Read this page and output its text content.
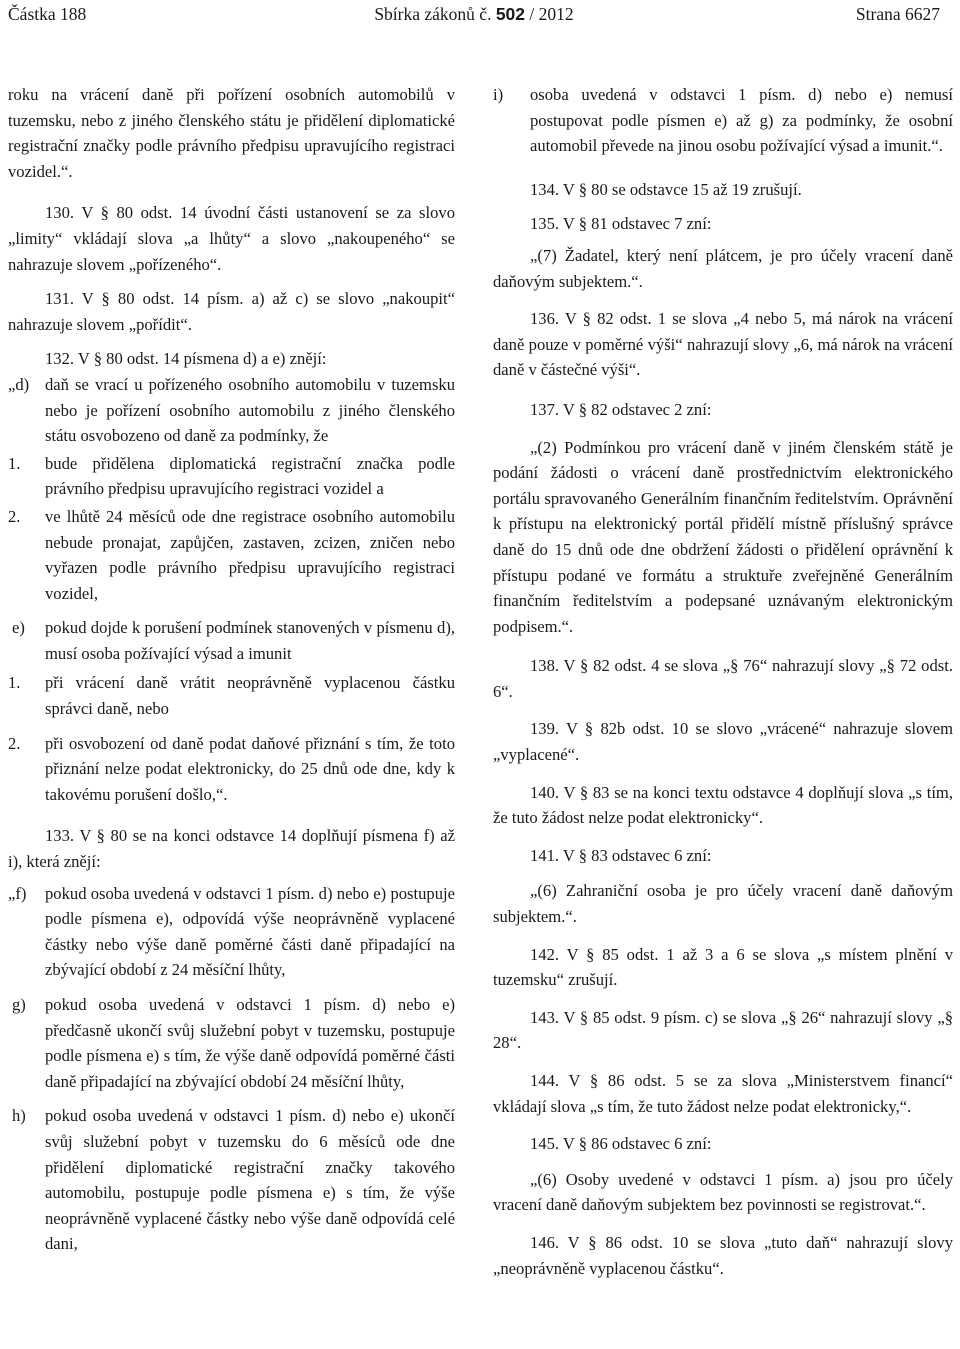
Částka 188	Sbírka zákonů č. 502 / 2012	Strana 6627

roku na vrácení daně při pořízení osobních automobilů v tuzemsku, nebo z jiného členského státu je přidělení diplomatické registrační značky podle právního předpisu upravujícího registraci vozidel.“.

130. V § 80 odst. 14 úvodní části ustanovení se za slovo „limity“ vkládají slova „a lhůty“ a slovo „nakoupeného“ se nahrazuje slovem „pořízeného“.

131. V § 80 odst. 14 písm. a) až c) se slovo „nakoupit“ nahrazuje slovem „pořídit“.

132. V § 80 odst. 14 písmena d) a e) znějí:

„d) daň se vrací u pořízeného osobního automobilu v tuzemsku nebo je pořízení osobního automobilu z jiného členského státu osvobozeno od daně za podmínky, že

1.	bude přidělena diplomatická registrační značka podle právního předpisu upravujícího registraci vozidel a

2.	ve lhůtě 24 měsíců ode dne registrace osobního automobilu nebude pronajat, zapůjčen, zastaven, zcizen, zničen nebo vyřazen podle právního předpisu upravujícího registraci vozidel,

e)	pokud dojde k porušení podmínek stanovených v písmenu d), musí osoba požívající výsad a imunit

1.	při vrácení daně vrátit neoprávněně vyplacenou částku správci daně, nebo

2.	při osvobození od daně podat daňové přiznání s tím, že toto přiznání nelze podat elektronicky, do 25 dnů ode dne, kdy k takovému porušení došlo,“.

133. V § 80 se na konci odstavce 14 doplňují písmena f) až i), která znějí:

„f)	pokud osoba uvedená v odstavci 1 písm. d) nebo e) postupuje podle písmena e), odpovídá výše neoprávněně vyplacené částky nebo výše daně poměrné části daně připadající na zbývající období z 24 měsíční lhůty,

g)	pokud osoba uvedená v odstavci 1 písm. d) nebo e) předčasně ukončí svůj služební pobyt v tuzemsku, postupuje podle písmena e) s tím, že výše daně odpovídá poměrné části daně připadající na zbývající období 24 měsíční lhůty,

h)	pokud osoba uvedená v odstavci 1 písm. d) nebo e) ukončí svůj služební pobyt v tuzemsku do 6 měsíců ode dne přidělení diplomatické registrační značky takového automobilu, postupuje podle písmena e) s tím, že výše neoprávněně vyplacené částky nebo výše daně odpovídá celé dani,

i)	osoba uvedená v odstavci 1 písm. d) nebo e) nemusí postupovat podle písmen e) až g) za podmínky, že osobní automobil převede na jinou osobu požívající výsad a imunit.“.

134. V § 80 se odstavce 15 až 19 zrušují.

135. V § 81 odstavec 7 zní:

„(7) Žadatel, který není plátcem, je pro účely vracení daně daňovým subjektem.“.

136. V § 82 odst. 1 se slova „4 nebo 5, má nárok na vrácení daně pouze v poměrné výši“ nahrazují slovy „6, má nárok na vrácení daně v částečné výši“.

137. V § 82 odstavec 2 zní:

„(2) Podmínkou pro vrácení daně v jiném členském státě je podání žádosti o vrácení daně prostřednictvím elektronického portálu spravovaného Generálním finančním ředitelstvím. Oprávnění k přístupu na elektronický portál přidělí místně příslušný správce daně do 15 dnů ode dne obdržení žádosti o přidělení oprávnění k přístupu podané ve formátu a struktuře zveřejněné Generálním finančním ředitelstvím a podepsané uznávaným elektronickým podpisem.“.

138. V § 82 odst. 4 se slova „§ 76“ nahrazují slovy „§ 72 odst. 6“.

139. V § 82b odst. 10 se slovo „vrácené“ nahrazuje slovem „vyplacené“.

140. V § 83 se na konci textu odstavce 4 doplňují slova „s tím, že tuto žádost nelze podat elektronicky“.

141. V § 83 odstavec 6 zní:

„(6) Zahraniční osoba je pro účely vracení daně daňovým subjektem.“.

142. V § 85 odst. 1 až 3 a 6 se slova „s místem plnění v tuzemsku“ zrušují.

143. V § 85 odst. 9 písm. c) se slova „§ 26“ nahrazují slovy „§ 28“.

144. V § 86 odst. 5 se za slova „Ministerstvem financí“ vkládají slova „s tím, že tuto žádost nelze podat elektronicky,“.

145. V § 86 odstavec 6 zní:

„(6) Osoby uvedené v odstavci 1 písm. a) jsou pro účely vracení daně daňovým subjektem bez povinnosti se registrovat.“.

146. V § 86 odst. 10 se slova „tuto daň“ nahrazují slovy „neoprávněně vyplacenou částku“.
